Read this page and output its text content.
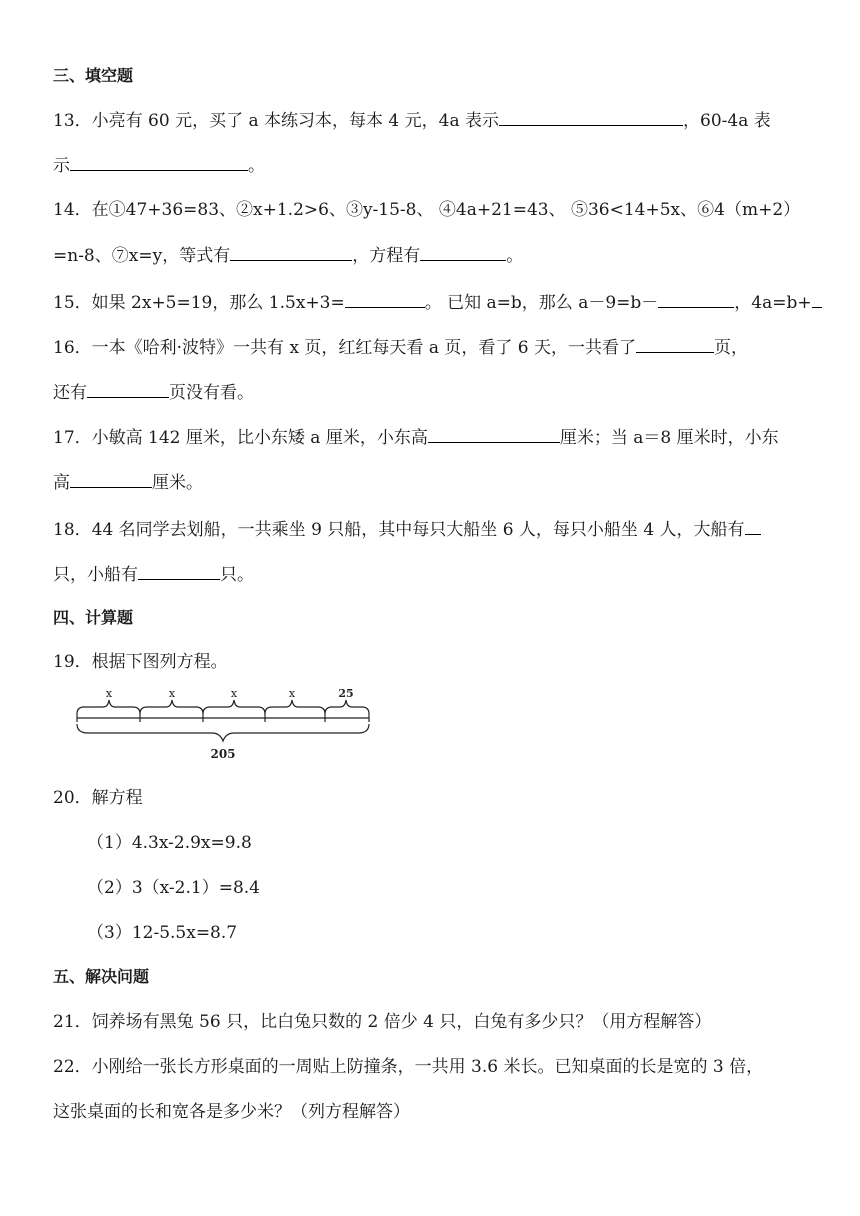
三、填空题
13．小亮有 60 元，买了 a 本练习本，每本 4 元，4a 表示	，60-4a 表
示	。
14．在①47+36=83、②x+1.2>6、③y-15-8、 ④4a+21=43、 ⑤36<14+5x、⑥4（m+2）
=n-8、⑦x=y，等式有	，方程有	。
15．如果 2x+5=19，那么 1.5x+3=	。 已知 a=b，那么 a－9=b－	，4a=b+
16．一本《哈利·波特》一共有 x 页，红红每天看 a 页，看了 6 天，一共看了	页，
还有	页没有看。
17．小敏高 142 厘米，比小东矮 a 厘米，小东高	厘米；当 a＝8 厘米时，小东
高	厘米。
18．44 名同学去划船，一共乘坐 9 只船，其中每只大船坐 6 人，每只小船坐 4 人，大船有
只，小船有	只。
四、计算题
19．根据下图列方程。
x	x	x	x	25
205
20．解方程
（1）4.3x-2.9x=9.8
（2）3（x-2.1）=8.4
（3）12-5.5x=8.7
五、解决问题
21．饲养场有黑兔 56 只，比白兔只数的 2 倍少 4 只，白兔有多少只？（用方程解答）
22．小刚给一张长方形桌面的一周贴上防撞条，一共用 3.6 米长。已知桌面的长是宽的 3 倍，
这张桌面的长和宽各是多少米？（列方程解答）
